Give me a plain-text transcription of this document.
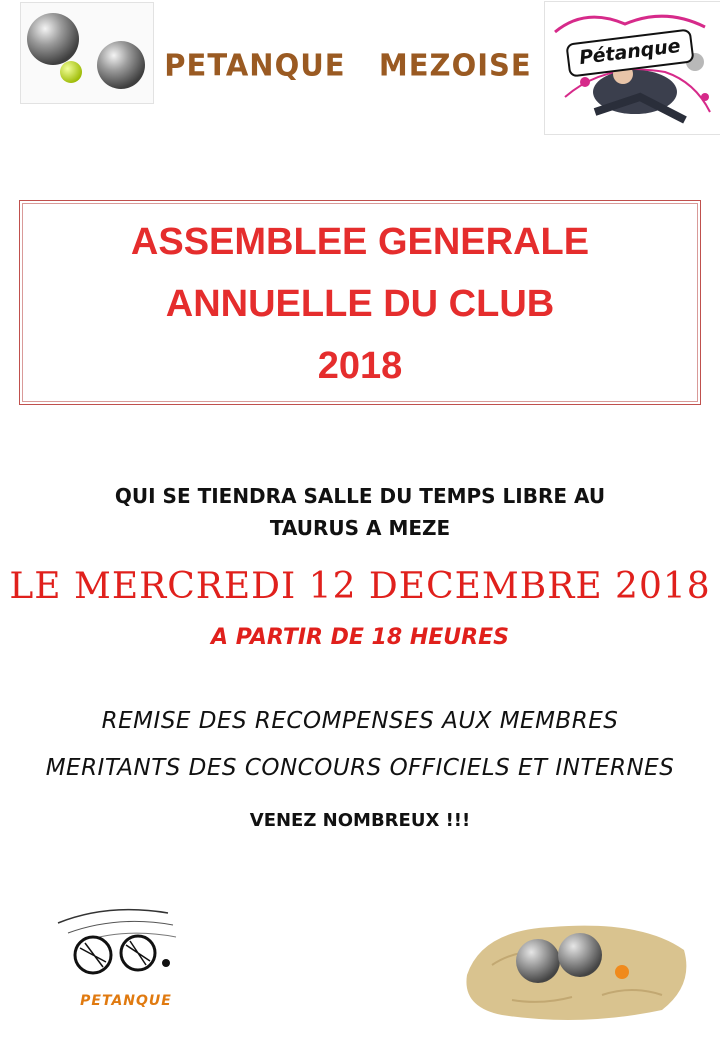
PETANQUE   MEZOISE	Pétanque
ASSEMBLEE GENERALE
ANNUELLE DU CLUB
2018
QUI SE TIENDRA SALLE DU TEMPS LIBRE AU
TAURUS A MEZE
LE MERCREDI 12 DECEMBRE 2018
A PARTIR DE 18 HEURES
REMISE DES RECOMPENSES AUX MEMBRES
MERITANTS DES CONCOURS OFFICIELS ET INTERNES
VENEZ NOMBREUX !!!
PETANQUE
